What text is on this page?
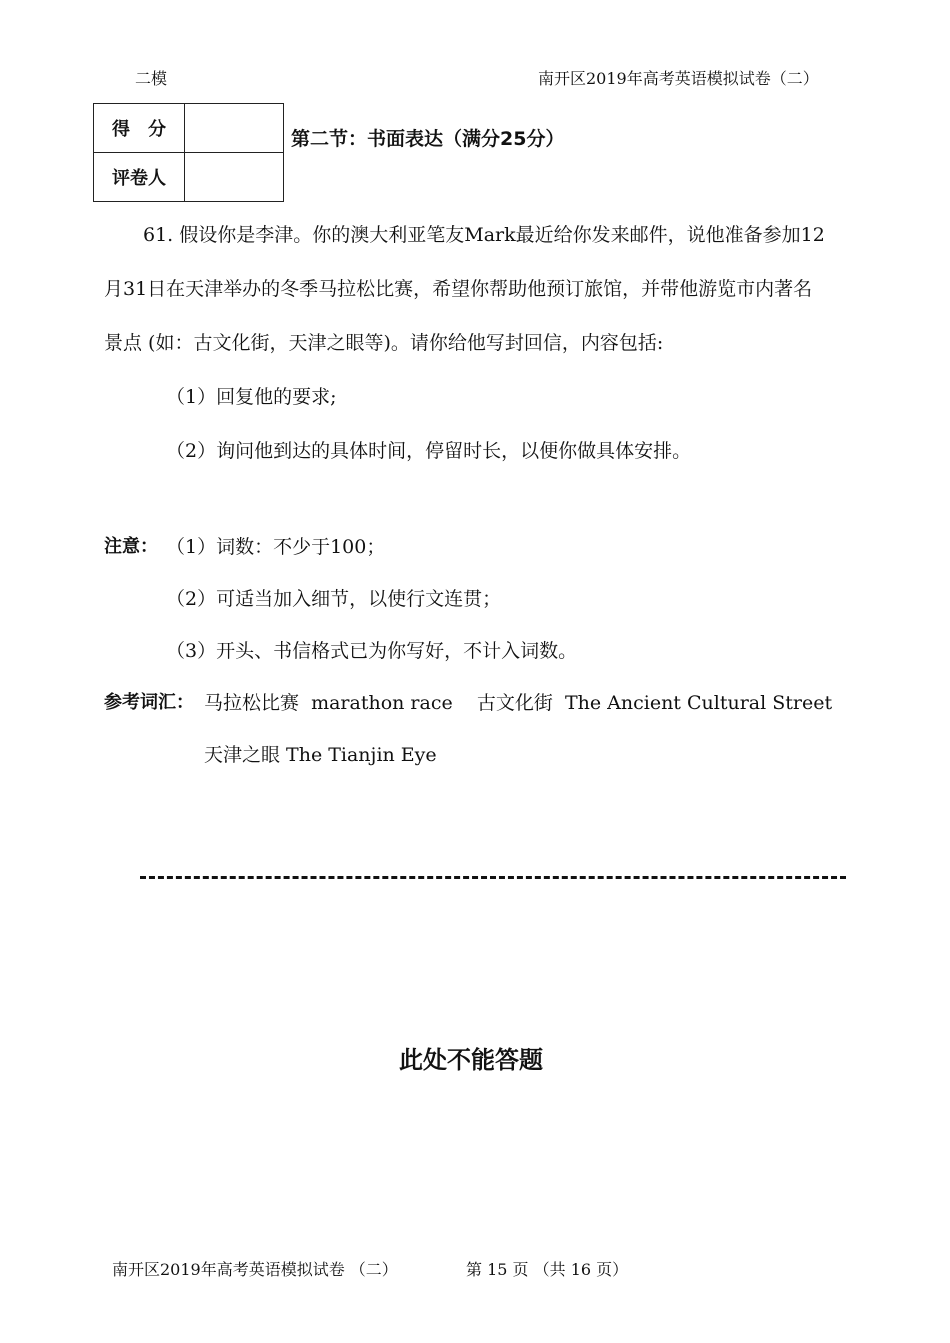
二模	南开区2019年高考英语模拟试卷（二）
得　分	
评卷人	
第二节：书面表达（满分25分）
61. 假设你是李津。你的澳大利亚笔友Mark最近给你发来邮件，说他准备参加12
月31日在天津举办的冬季马拉松比赛，希望你帮助他预订旅馆，并带他游览市内著名
景点 (如：古文化街，天津之眼等)。请你给他写封回信，内容包括:
（1）回复他的要求;
（2）询问他到达的具体时间，停留时长，以便你做具体安排。
注意： （1）词数：不少于100；
（2）可适当加入细节，以使行文连贯；
（3）开头、书信格式已为你写好，不计入词数。
参考词汇： 马拉松比赛  marathon race    古文化街  The Ancient Cultural Street
天津之眼 The Tianjin Eye
此处不能答题
南开区2019年高考英语模拟试卷 （二）	第 15 页 （共 16 页）
